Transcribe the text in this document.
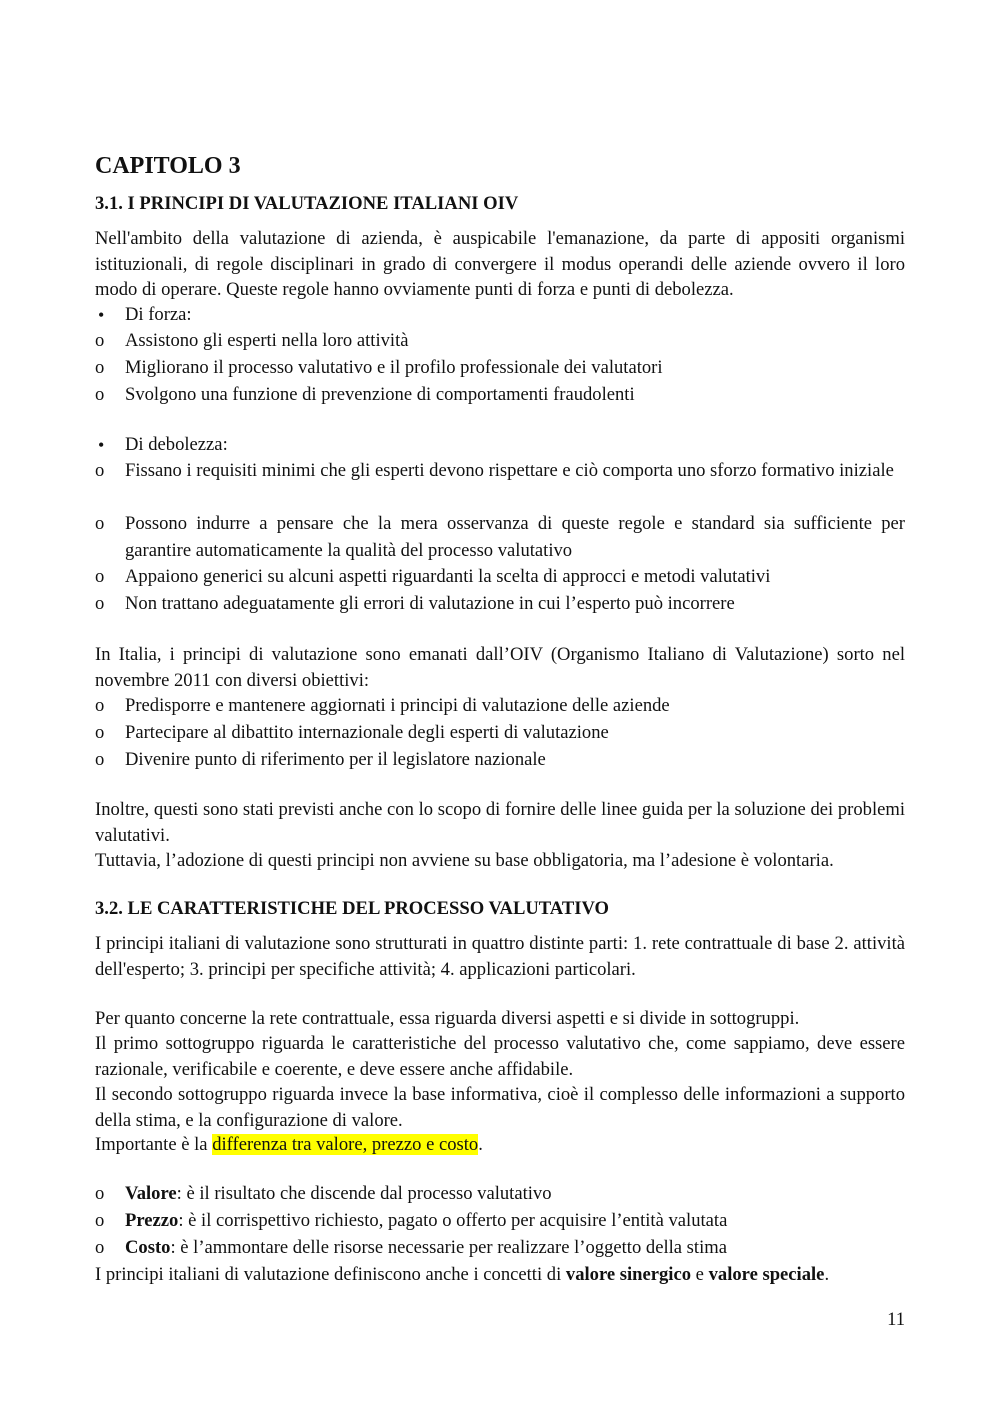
CAPITOLO 3
3.1. I PRINCIPI DI VALUTAZIONE ITALIANI OIV
Nell'ambito della valutazione di azienda, è auspicabile l'emanazione, da parte di appositi organismi istituzionali, di regole disciplinari in grado di convergere il modus operandi delle aziende ovvero il loro modo di operare. Queste regole hanno ovviamente punti di forza e punti di debolezza.
•	Di forza:
o	Assistono gli esperti nella loro attività
o	Migliorano il processo valutativo e il profilo professionale dei valutatori
o	Svolgono una funzione di prevenzione di comportamenti fraudolenti
•	Di debolezza:
o	Fissano i requisiti minimi che gli esperti devono rispettare e ciò comporta uno sforzo formativo iniziale
o	Possono indurre a pensare che la mera osservanza di queste regole e standard sia sufficiente per garantire automaticamente la qualità del processo valutativo
o	Appaiono generici su alcuni aspetti riguardanti la scelta di approcci e metodi valutativi
o	Non trattano adeguatamente gli errori di valutazione in cui l’esperto può incorrere
In Italia, i principi di valutazione sono emanati dall’OIV (Organismo Italiano di Valutazione) sorto nel novembre 2011 con diversi obiettivi:
o	Predisporre e mantenere aggiornati i principi di valutazione delle aziende
o	Partecipare al dibattito internazionale degli esperti di valutazione
o	Divenire punto di riferimento per il legislatore nazionale
Inoltre, questi sono stati previsti anche con lo scopo di fornire delle linee guida per la soluzione dei problemi valutativi.
Tuttavia, l’adozione di questi principi non avviene su base obbligatoria, ma l’adesione è volontaria.
3.2. LE CARATTERISTICHE DEL PROCESSO VALUTATIVO
I principi italiani di valutazione sono strutturati in quattro distinte parti: 1. rete contrattuale di base 2. attività dell'esperto; 3. principi per specifiche attività; 4. applicazioni particolari.
Per quanto concerne la rete contrattuale, essa riguarda diversi aspetti e si divide in sottogruppi.
Il primo sottogruppo riguarda le caratteristiche del processo valutativo che, come sappiamo, deve essere razionale, verificabile e coerente, e deve essere anche affidabile.
Il secondo sottogruppo riguarda invece la base informativa, cioè il complesso delle informazioni a supporto della stima, e la configurazione di valore.
Importante è la differenza tra valore, prezzo e costo.
o	Valore: è il risultato che discende dal processo valutativo
o	Prezzo: è il corrispettivo richiesto, pagato o offerto per acquisire l’entità valutata
o	Costo: è l’ammontare delle risorse necessarie per realizzare l’oggetto della stima
I principi italiani di valutazione definiscono anche i concetti di valore sinergico e valore speciale.
11
